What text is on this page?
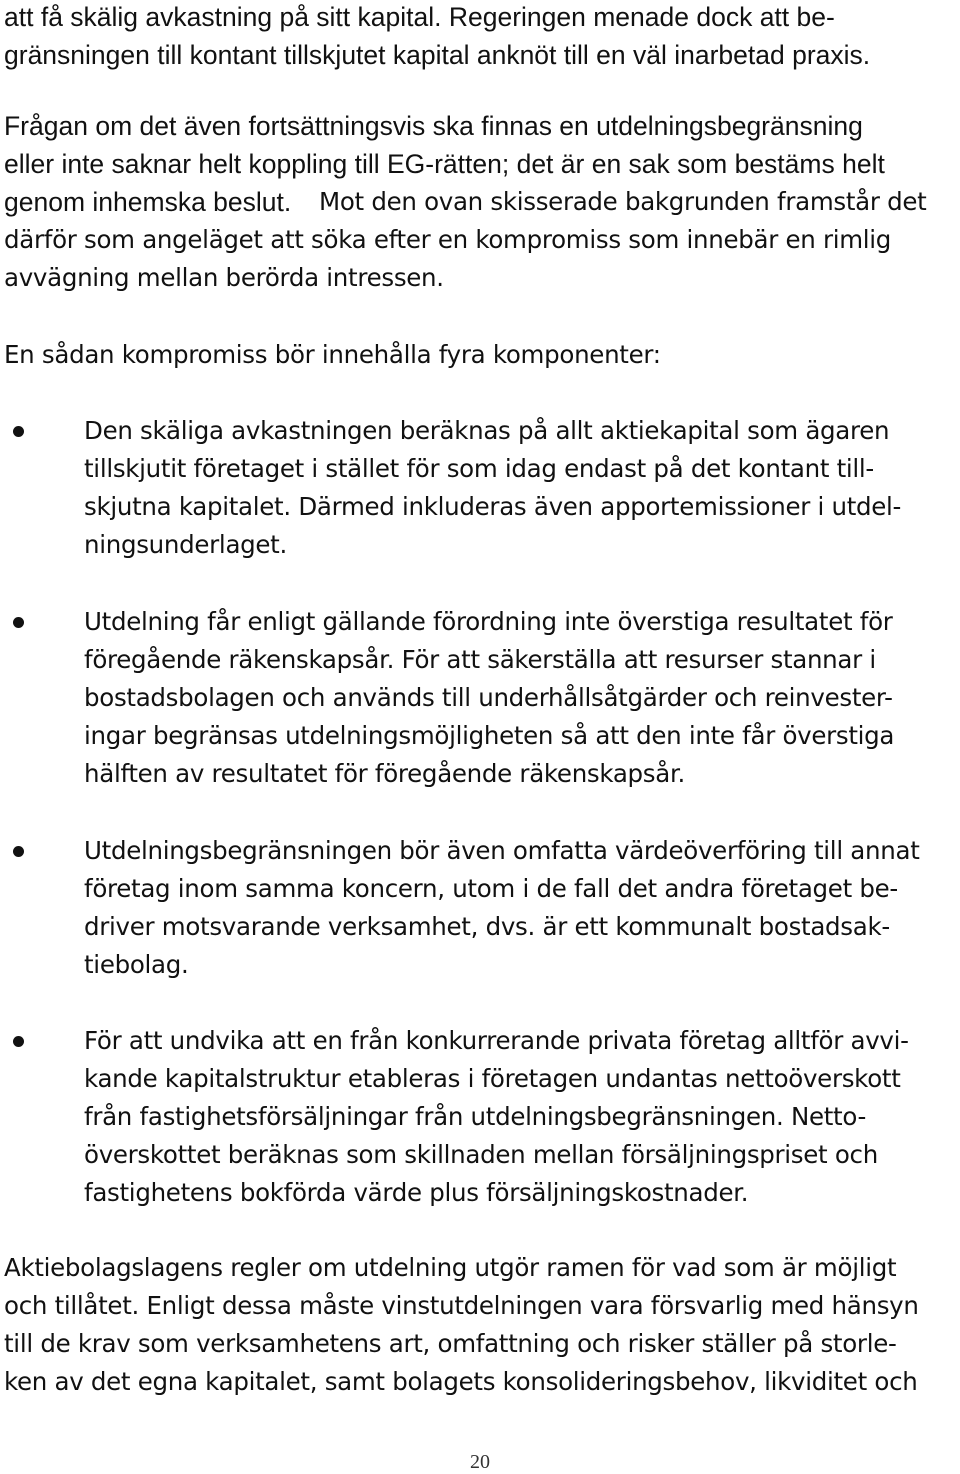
att få skälig avkastning på sitt kapital. Regeringen menade dock att be-
gränsningen till kontant tillskjutet kapital anknöt till en väl inarbetad praxis.
Frågan om det även fortsättningsvis ska finnas en utdelningsbegränsning
eller inte saknar helt koppling till EG-rätten; det är en sak som bestäms helt
genom inhemska beslut. Mot den ovan skisserade bakgrunden framstår det
därför som angeläget att söka efter en kompromiss som innebär en rimlig
avvägning mellan berörda intressen.
En sådan kompromiss bör innehålla fyra komponenter:
Den skäliga avkastningen beräknas på allt aktiekapital som ägaren
tillskjutit företaget i stället för som idag endast på det kontant till-
skjutna kapitalet. Därmed inkluderas även apportemissioner i utdel-
ningsunderlaget.
Utdelning får enligt gällande förordning inte överstiga resultatet för
föregående räkenskapsår. För att säkerställa att resurser stannar i
bostadsbolagen och används till underhållsåtgärder och reinvester-
ingar begränsas utdelningsmöjligheten så att den inte får överstiga
hälften av resultatet för föregående räkenskapsår.
Utdelningsbegränsningen bör även omfatta värdeöverföring till annat
företag inom samma koncern, utom i de fall det andra företaget be-
driver motsvarande verksamhet, dvs. är ett kommunalt bostadsak-
tiebolag.
För att undvika att en från konkurrerande privata företag alltför avvi-
kande kapitalstruktur etableras i företagen undantas nettoöverskott
från fastighetsförsäljningar från utdelningsbegränsningen. Netto-
överskottet beräknas som skillnaden mellan försäljningspriset och
fastighetens bokförda värde plus försäljningskostnader.
Aktiebolagslagens regler om utdelning utgör ramen för vad som är möjligt
och tillåtet. Enligt dessa måste vinstutdelningen vara försvarlig med hänsyn
till de krav som verksamhetens art, omfattning och risker ställer på storle-
ken av det egna kapitalet, samt bolagets konsolideringsbehov, likviditet och
20
